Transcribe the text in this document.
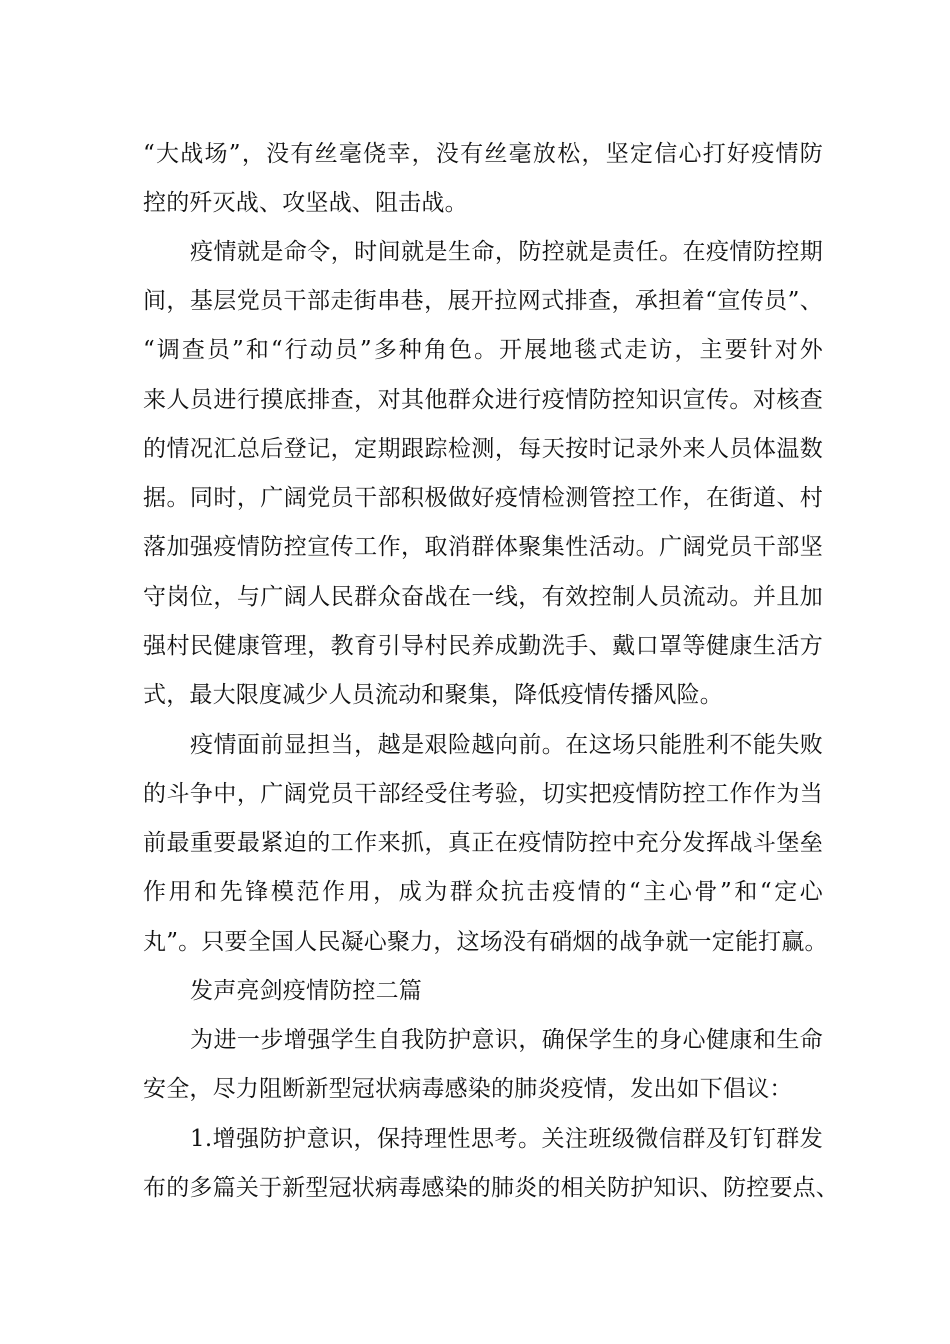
“大战场”，没有丝毫侥幸，没有丝毫放松，坚定信心打好疫情防
控的歼灭战、攻坚战、阻击战。
疫情就是命令，时间就是生命，防控就是责任。在疫情防控期
间，基层党员干部走街串巷，展开拉网式排查，承担着“宣传员”、
“调查员”和“行动员”多种角色。开展地毯式走访，主要针对外
来人员进行摸底排查，对其他群众进行疫情防控知识宣传。对核查
的情况汇总后登记，定期跟踪检测，每天按时记录外来人员体温数
据。同时，广阔党员干部积极做好疫情检测管控工作，在街道、村
落加强疫情防控宣传工作，取消群体聚集性活动。广阔党员干部坚
守岗位，与广阔人民群众奋战在一线，有效控制人员流动。并且加
强村民健康管理，教育引导村民养成勤洗手、戴口罩等健康生活方
式，最大限度减少人员流动和聚集，降低疫情传播风险。
疫情面前显担当，越是艰险越向前。在这场只能胜利不能失败
的斗争中，广阔党员干部经受住考验，切实把疫情防控工作作为当
前最重要最紧迫的工作来抓，真正在疫情防控中充分发挥战斗堡垒
作用和先锋模范作用，成为群众抗击疫情的“主心骨”和“定心
丸”。只要全国人民凝心聚力，这场没有硝烟的战争就一定能打赢。
发声亮剑疫情防控二篇
为进一步增强学生自我防护意识，确保学生的身心健康和生命
安全，尽力阻断新型冠状病毒感染的肺炎疫情，发出如下倡议：
1.增强防护意识，保持理性思考。关注班级微信群及钉钉群发
布的多篇关于新型冠状病毒感染的肺炎的相关防护知识、防控要点、
